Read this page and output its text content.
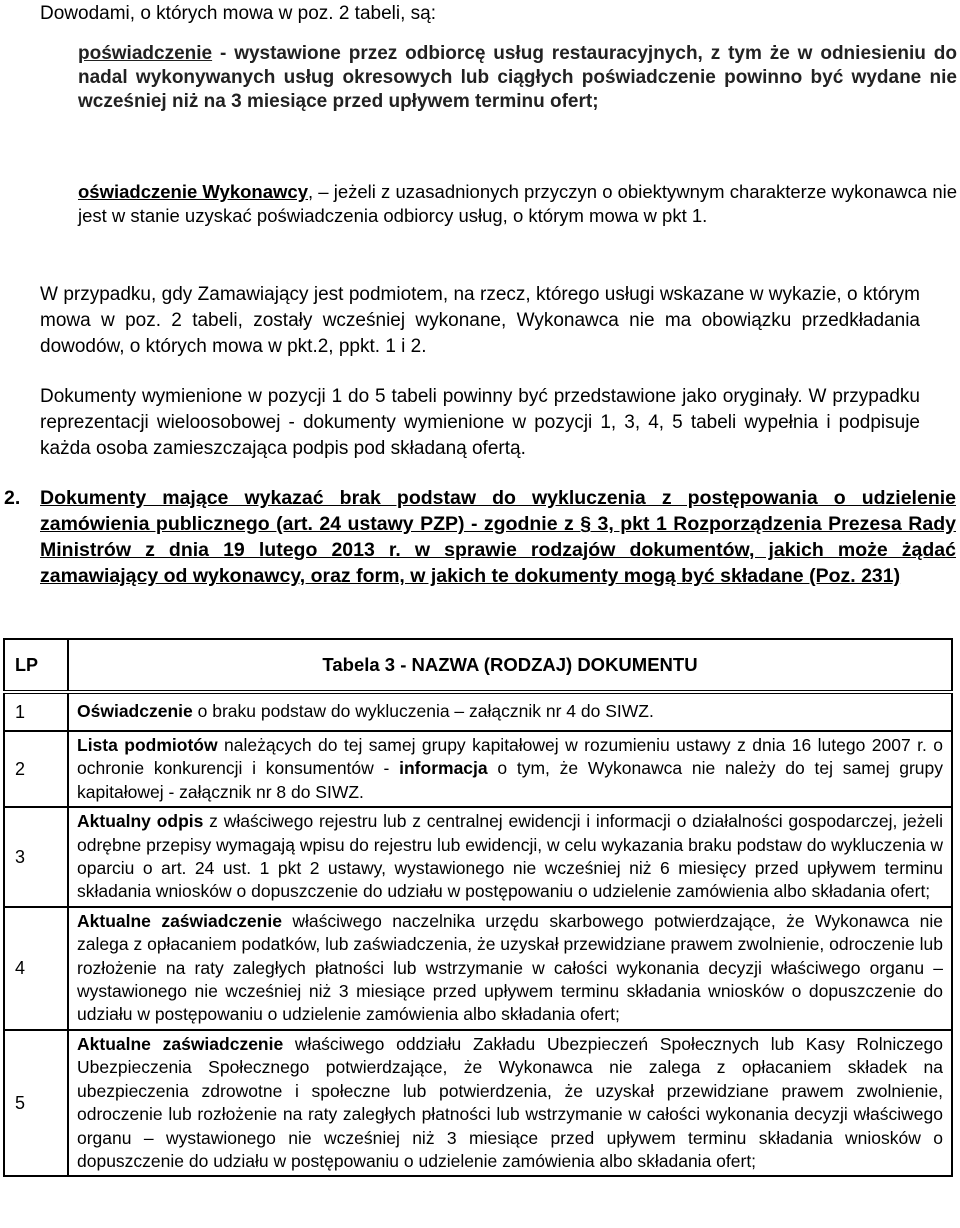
Dowodami, o których mowa w poz. 2 tabeli, są:
poświadczenie - wystawione przez odbiorcę usług restauracyjnych, z tym że w odniesieniu do nadal wykonywanych usług okresowych lub ciągłych poświadczenie powinno być wydane nie wcześniej niż na 3 miesiące przed upływem terminu ofert;
oświadczenie Wykonawcy, – jeżeli z uzasadnionych przyczyn o obiektywnym charakterze wykonawca nie jest w stanie uzyskać poświadczenia odbiorcy usług, o którym mowa w pkt 1.
W przypadku, gdy Zamawiający jest podmiotem, na rzecz, którego usługi wskazane w wykazie, o którym mowa w poz. 2 tabeli, zostały wcześniej wykonane, Wykonawca nie ma obowiązku przedkładania dowodów, o których mowa w pkt.2, ppkt. 1 i 2.
Dokumenty wymienione w pozycji 1 do 5 tabeli powinny być przedstawione jako oryginały. W przypadku reprezentacji wieloosobowej - dokumenty wymienione w pozycji 1, 3, 4, 5 tabeli wypełnia i podpisuje każda osoba zamieszczająca podpis pod składaną ofertą.
2. Dokumenty mające wykazać brak podstaw do wykluczenia z postępowania o udzielenie zamówienia publicznego (art. 24 ustawy PZP) - zgodnie z § 3, pkt 1 Rozporządzenia Prezesa Rady Ministrów z dnia 19 lutego 2013 r. w sprawie rodzajów dokumentów, jakich może żądać zamawiający od wykonawcy, oraz form, w jakich te dokumenty mogą być składane (Poz. 231)
LP	Tabela 3 - NAZWA (RODZAJ) DOKUMENTU
1	Oświadczenie o braku podstaw do wykluczenia – załącznik nr 4 do SIWZ.
2	Lista podmiotów należących do tej samej grupy kapitałowej w rozumieniu ustawy z dnia 16 lutego 2007 r. o ochronie konkurencji i konsumentów - informacja o tym, że Wykonawca nie należy do tej samej grupy kapitałowej - załącznik nr 8 do SIWZ.
3	Aktualny odpis z właściwego rejestru lub z centralnej ewidencji i informacji o działalności gospodarczej, jeżeli odrębne przepisy wymagają wpisu do rejestru lub ewidencji, w celu wykazania braku podstaw do wykluczenia w oparciu o art. 24 ust. 1 pkt 2 ustawy, wystawionego nie wcześniej niż 6 miesięcy przed upływem terminu składania wniosków o dopuszczenie do udziału w postępowaniu o udzielenie zamówienia albo składania ofert;
4	Aktualne zaświadczenie właściwego naczelnika urzędu skarbowego potwierdzające, że Wykonawca nie zalega z opłacaniem podatków, lub zaświadczenia, że uzyskał przewidziane prawem zwolnienie, odroczenie lub rozłożenie na raty zaległych płatności lub wstrzymanie w całości wykonania decyzji właściwego organu – wystawionego nie wcześniej niż 3 miesiące przed upływem terminu składania wniosków o dopuszczenie do udziału w postępowaniu o udzielenie zamówienia albo składania ofert;
5	Aktualne zaświadczenie właściwego oddziału Zakładu Ubezpieczeń Społecznych lub Kasy Rolniczego Ubezpieczenia Społecznego potwierdzające, że Wykonawca nie zalega z opłacaniem składek na ubezpieczenia zdrowotne i społeczne lub potwierdzenia, że uzyskał przewidziane prawem zwolnienie, odroczenie lub rozłożenie na raty zaległych płatności lub wstrzymanie w całości wykonania decyzji właściwego organu – wystawionego nie wcześniej niż 3 miesiące przed upływem terminu składania wniosków o dopuszczenie do udziału w postępowaniu o udzielenie zamówienia albo składania ofert;
